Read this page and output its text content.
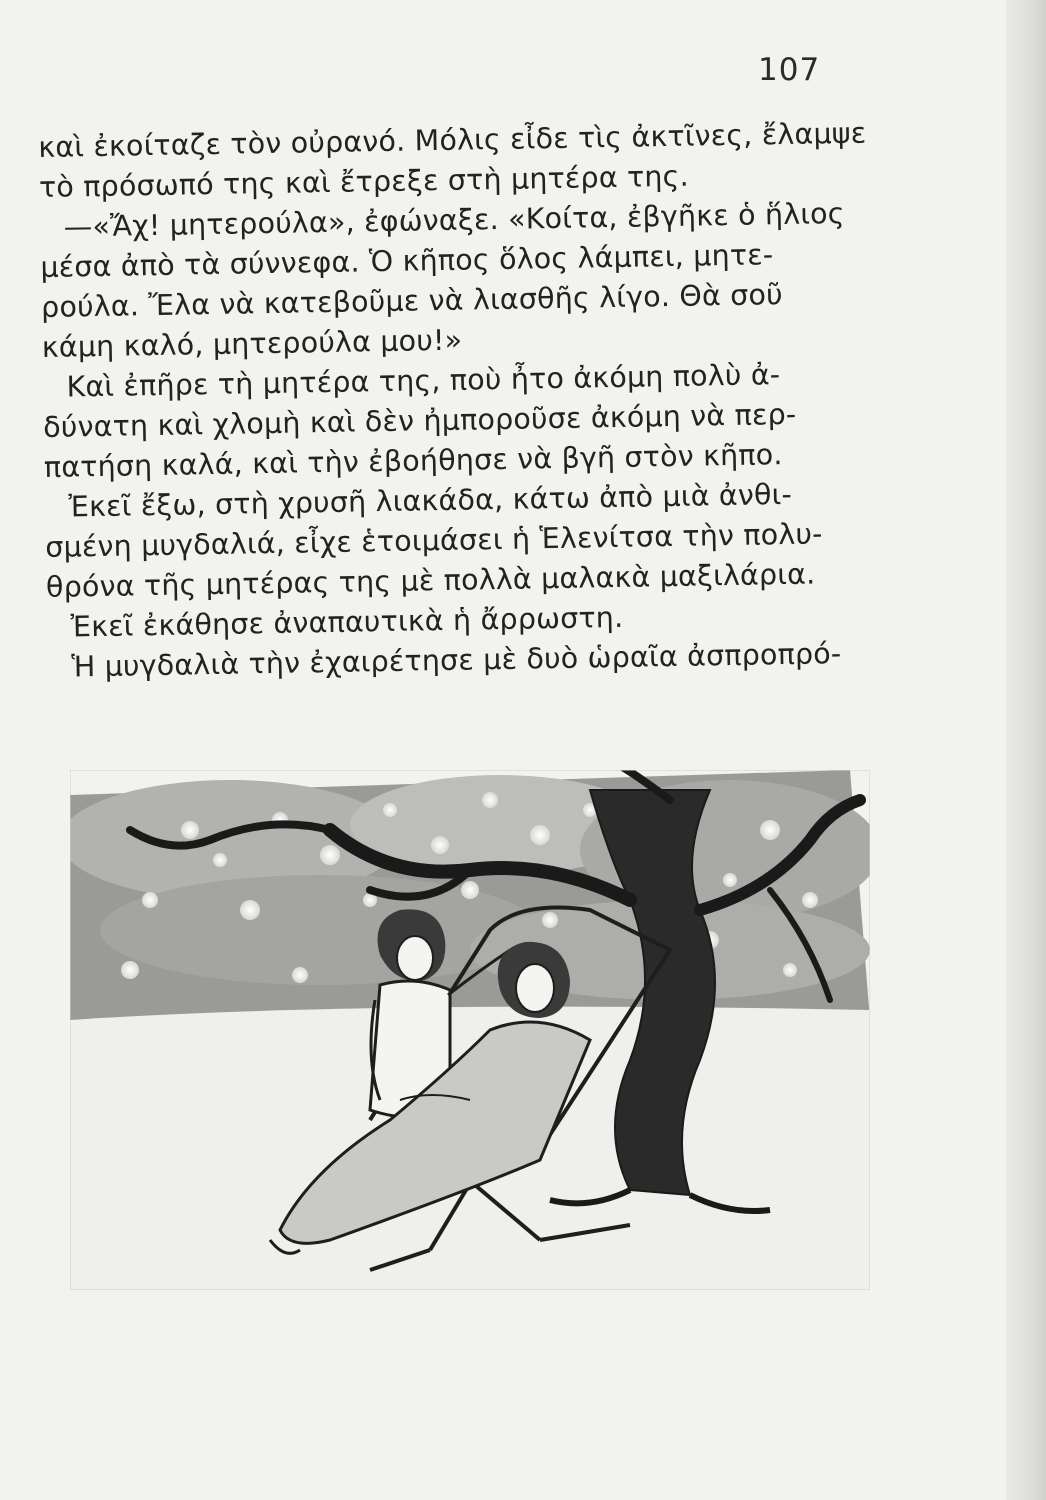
107
καὶ ἐκοίταζε τὸν οὐρανό. Μόλις εἶδε τὶς ἀκτῖνες, ἔλαμψε
τὸ πρόσωπό της καὶ ἔτρεξε στὴ μητέρα της.
—«Ἄχ! μητερούλα», ἐφώναξε. «Κοίτα, ἐβγῆκε ὁ ἥλιος
μέσα ἀπὸ τὰ σύννεφα. Ὁ κῆπος ὅλος λάμπει, μητε-
ρούλα. Ἔλα νὰ κατεβοῦμε νὰ λιασθῆς λίγο. Θὰ σοῦ
κάμη καλό, μητερούλα μου!»
Καὶ ἐπῆρε τὴ μητέρα της, ποὺ ἦτο ἀκόμη πολὺ ἀ-
δύνατη καὶ χλομὴ καὶ δὲν ἠμποροῦσε ἀκόμη νὰ περ-
πατήση καλά, καὶ τὴν ἐβοήθησε νὰ βγῆ στὸν κῆπο.
Ἐκεῖ ἔξω, στὴ χρυσῆ λιακάδα, κάτω ἀπὸ μιὰ ἀνθι-
σμένη μυγδαλιά, εἶχε ἑτοιμάσει ἡ Ἑλενίτσα τὴν πολυ-
θρόνα τῆς μητέρας της μὲ πολλὰ μαλακὰ μαξιλάρια.
Ἐκεῖ ἐκάθησε ἀναπαυτικὰ ἡ ἄρρωστη.
Ἡ μυγδαλιὰ τὴν ἐχαιρέτησε μὲ δυὸ ὡραῖα ἀσπροπρό-
